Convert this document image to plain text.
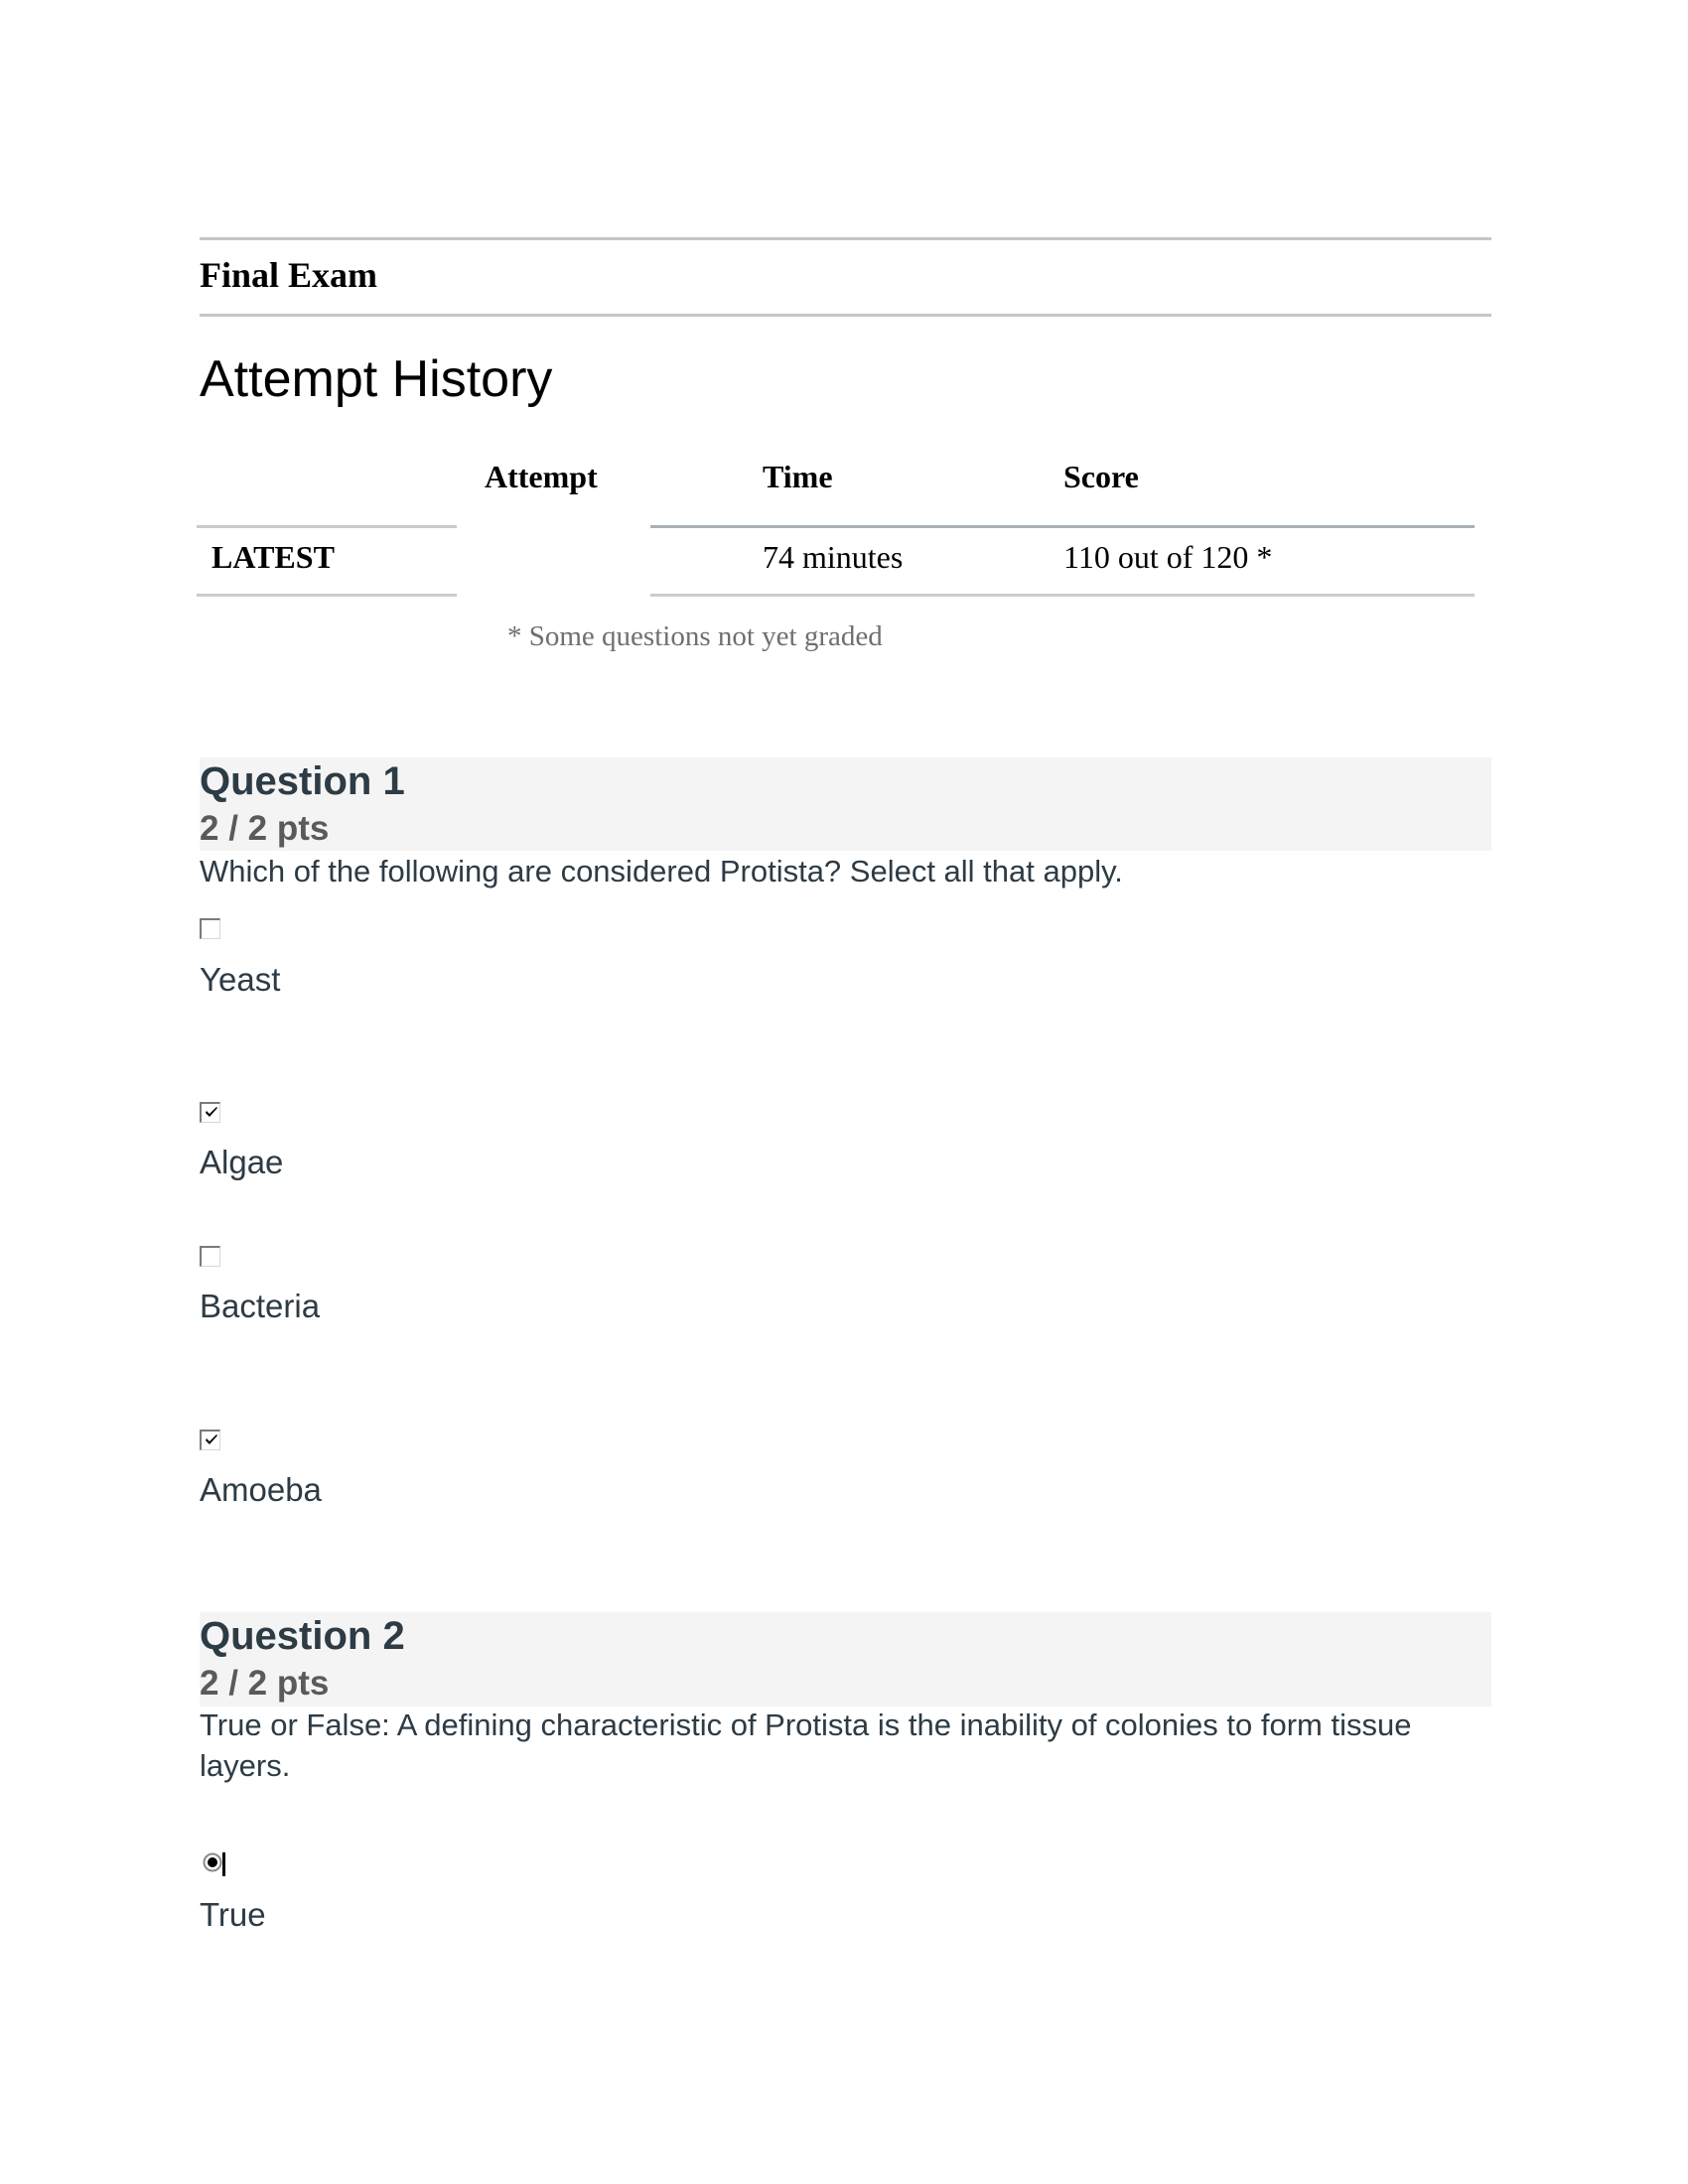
Final Exam
Attempt History
Attempt	Time	Score
LATEST	74 minutes	110 out of 120 *
* Some questions not yet graded
Question 1
2 / 2 pts
Which of the following are considered Protista? Select all that apply.
Yeast
Algae
Bacteria
Amoeba
Question 2
2 / 2 pts
True or False: A defining characteristic of Protista is the inability of colonies to form tissue layers.
True
